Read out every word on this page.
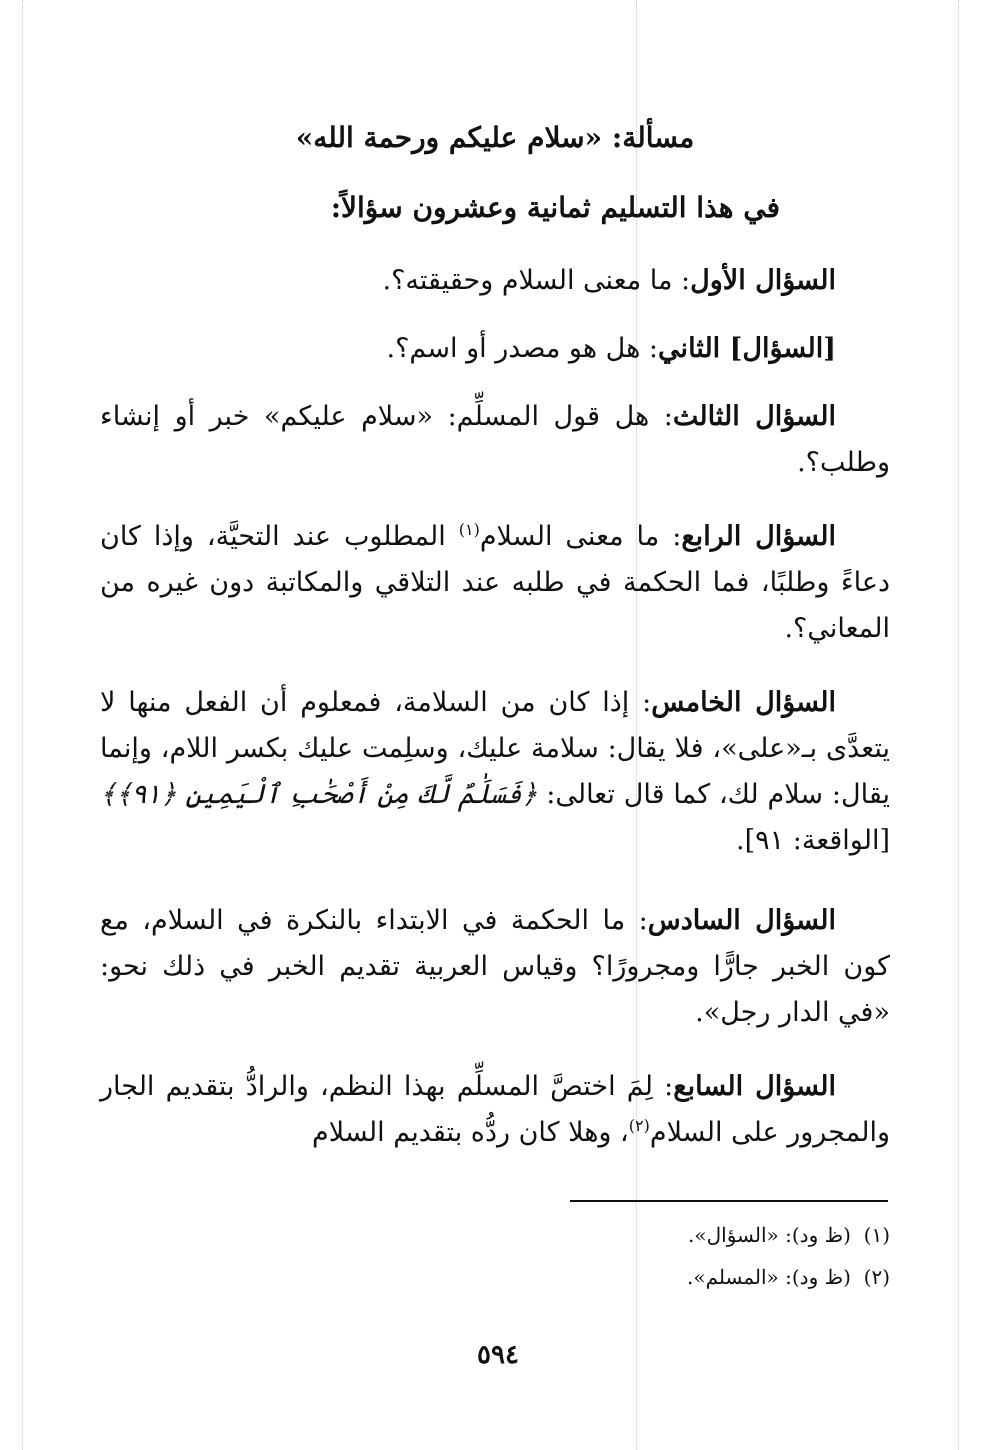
مسألة: «سلام عليكم ورحمة الله»
في هذا التسليم ثمانية وعشرون سؤالاً:
السؤال الأول: ما معنى السلام وحقيقته؟.
[السؤال] الثاني: هل هو مصدر أو اسم؟.
السؤال الثالث: هل قول المسلِّم: «سلام عليكم» خبر أو إنشاء وطلب؟.
السؤال الرابع: ما معنى السلام$^{(١)}$ المطلوب عند التحيَّة، وإذا كان دعاءً وطلبًا، فما الحكمة في طلبه عند التلاقي والمكاتبة دون غيره من المعاني؟.
السؤال الخامس: إذا كان من السلامة، فمعلوم أن الفعل منها لا يتعدَّى بـ«على»، فلا يقال: سلامة عليك، وسلِمت عليك بكسر اللام، وإنما يقال: سلام لك، كما قال تعالى: ﴿فَسَلَٰمٌ لَّكَ مِنْ أَصْحَٰبِ ٱلْيَمِينِ ﴿٩١﴾﴾ [الواقعة: ٩١].
السؤال السادس: ما الحكمة في الابتداء بالنكرة في السلام، مع كون الخبر جارًّا ومجرورًا؟ وقياس العربية تقديم الخبر في ذلك نحو: «في الدار رجل».
السؤال السابع: لِمَ اختصَّ المسلِّم بهذا النظم، والرادُّ بتقديم الجار والمجرور على السلام$^{(٢)}$، وهلا كان ردُّه بتقديم السلام
(١)  (ظ ود): «السؤال».
(٢)  (ظ ود): «المسلم».
٥٩٤
